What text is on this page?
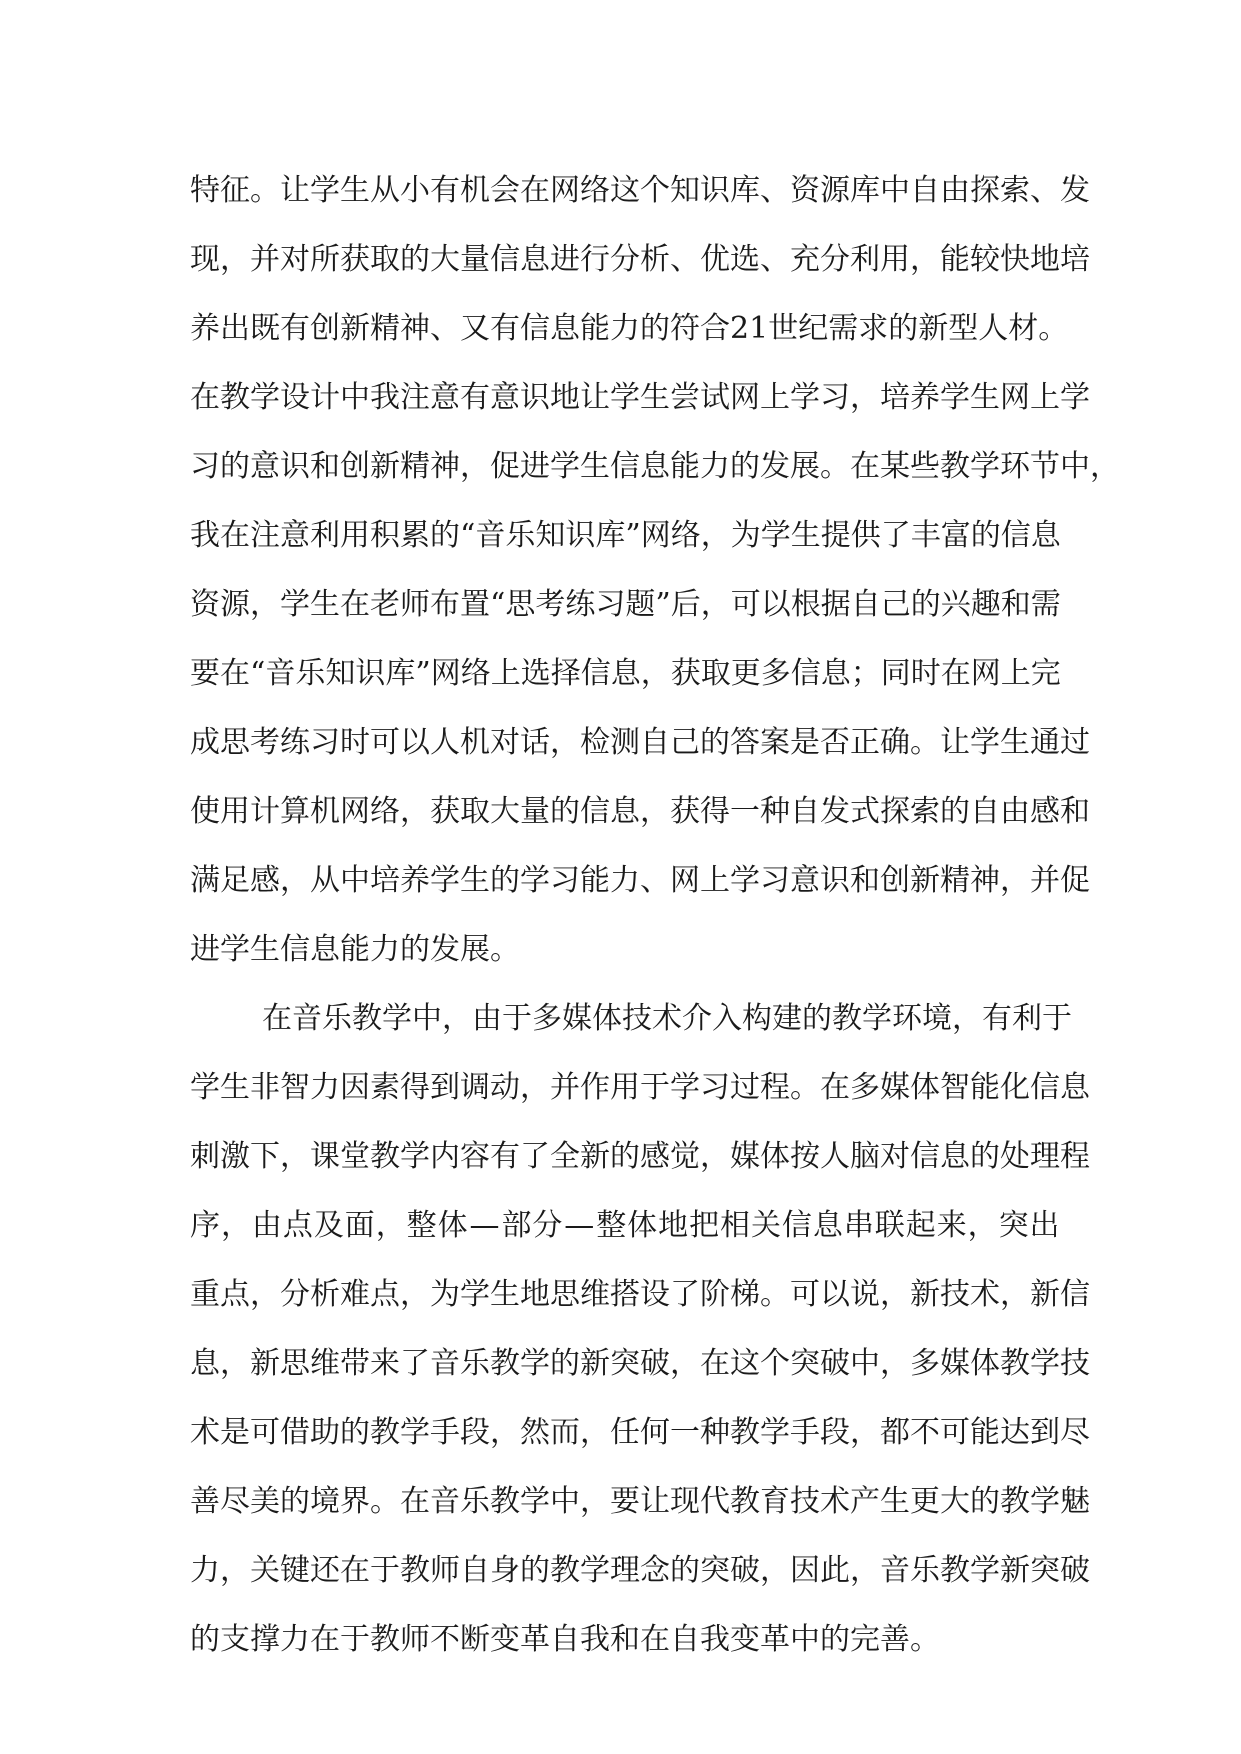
特 征 。 让 学 生 从 小 有 机 会 在 网 络 这 个 知 识 库 、 资 源 库 中 自 由 探 索 、 发
现 ， 并 对 所 获 取 的 大 量 信 息 进 行 分 析 、 优 选 、 充 分 利 用 ， 能 较 快 地 培
养 出 既 有 创 新 精 神 、 又 有 信 息 能 力 的 符 合 2 1 世 纪 需 求 的 新 型 人 材 。
在 教 学 设 计 中 我 注 意 有 意 识 地 让 学 生 尝 试 网 上 学 习 ， 培 养 学 生 网 上 学
习 的 意 识 和 创 新 精 神 ， 促 进 学 生 信 息 能 力 的 发 展 。 在 某 些 教 学 环 节 中 ，
我 在 注 意 利 用 积 累 的 “ 音 乐 知 识 库 ” 网 络 ， 为 学 生 提 供 了 丰 富 的 信 息
资 源 ， 学 生 在 老 师 布 置 “ 思 考 练 习 题 ” 后 ， 可 以 根 据 自 己 的 兴 趣 和 需
要 在 “ 音 乐 知 识 库 ” 网 络 上 选 择 信 息 ， 获 取 更 多 信 息 ； 同 时 在 网 上 完
成 思 考 练 习 时 可 以 人 机 对 话 ， 检 测 自 己 的 答 案 是 否 正 确 。 让 学 生 通 过
使 用 计 算 机 网 络 ， 获 取 大 量 的 信 息 ， 获 得 一 种 自 发 式 探 索 的 自 由 感 和
满 足 感 ， 从 中 培 养 学 生 的 学 习 能 力 、 网 上 学 习 意 识 和 创 新 精 神 ， 并 促
进学生信息能力的发展。
在 音 乐 教 学 中 ， 由 于 多 媒 体 技 术 介 入 构 建 的 教 学 环 境 ， 有 利 于
学 生 非 智 力 因 素 得 到 调 动 ， 并 作 用 于 学 习 过 程 。 在 多 媒 体 智 能 化 信 息
刺 激 下 ， 课 堂 教 学 内 容 有 了 全 新 的 感 觉 ， 媒 体 按 人 脑 对 信 息 的 处 理 程
序 ， 由 点 及 面 ， 整 体 — 部 分 — 整 体 地 把 相 关 信 息 串 联 起 来 ， 突 出
重 点 ， 分 析 难 点 ， 为 学 生 地 思 维 搭 设 了 阶 梯 。 可 以 说 ， 新 技 术 ， 新 信
息 ， 新 思 维 带 来 了 音 乐 教 学 的 新 突 破 ， 在 这 个 突 破 中 ， 多 媒 体 教 学 技
术 是 可 借 助 的 教 学 手 段 ， 然 而 ， 任 何 一 种 教 学 手 段 ， 都 不 可 能 达 到 尽
善 尽 美 的 境 界 。 在 音 乐 教 学 中 ， 要 让 现 代 教 育 技 术 产 生 更 大 的 教 学 魅
力 ， 关 键 还 在 于 教 师 自 身 的 教 学 理 念 的 突 破 ， 因 此 ， 音 乐 教 学 新 突 破
的支撑力在于教师不断变革自我和在自我变革中的完善。
